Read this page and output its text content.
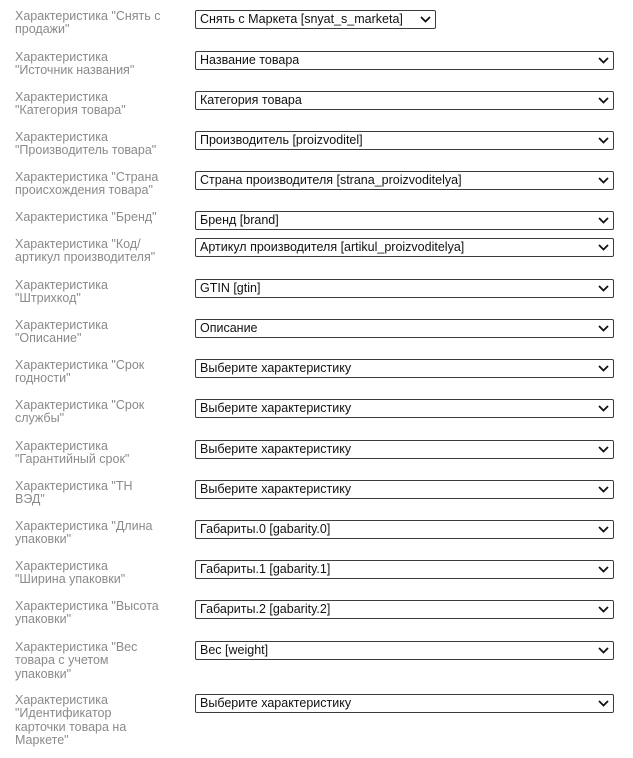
Характеристика "Снять с
продажи"
Снять с Маркета [snyat_s_marketa]
Характеристика
"Источник названия"
Название товара
Характеристика
"Категория товара"
Категория товара
Характеристика
"Производитель товара"
Производитель [proizvoditel]
Характеристика "Страна
происхождения товара"
Страна производителя [strana_proizvoditelya]
Характеристика "Бренд"	Бренд [brand]
Характеристика "Код/
артикул производителя"
Артикул производителя [artikul_proizvoditelya]
Характеристика
"Штрихкод"
GTIN [gtin]
Характеристика
"Описание"
Описание
Характеристика "Срок
годности"
Выберите характеристику
Характеристика "Срок
службы"
Выберите характеристику
Характеристика
"Гарантийный срок"
Выберите характеристику
Характеристика "ТН
ВЭД"
Выберите характеристику
Характеристика "Длина
упаковки"
Габариты.0 [gabarity.0]
Характеристика
"Ширина упаковки"
Габариты.1 [gabarity.1]
Характеристика "Высота
упаковки"
Габариты.2 [gabarity.2]
Характеристика "Вес
товара с учетом
упаковки"
Вес [weight]
Характеристика
"Идентификатор
карточки товара на
Маркете"
Выберите характеристику
